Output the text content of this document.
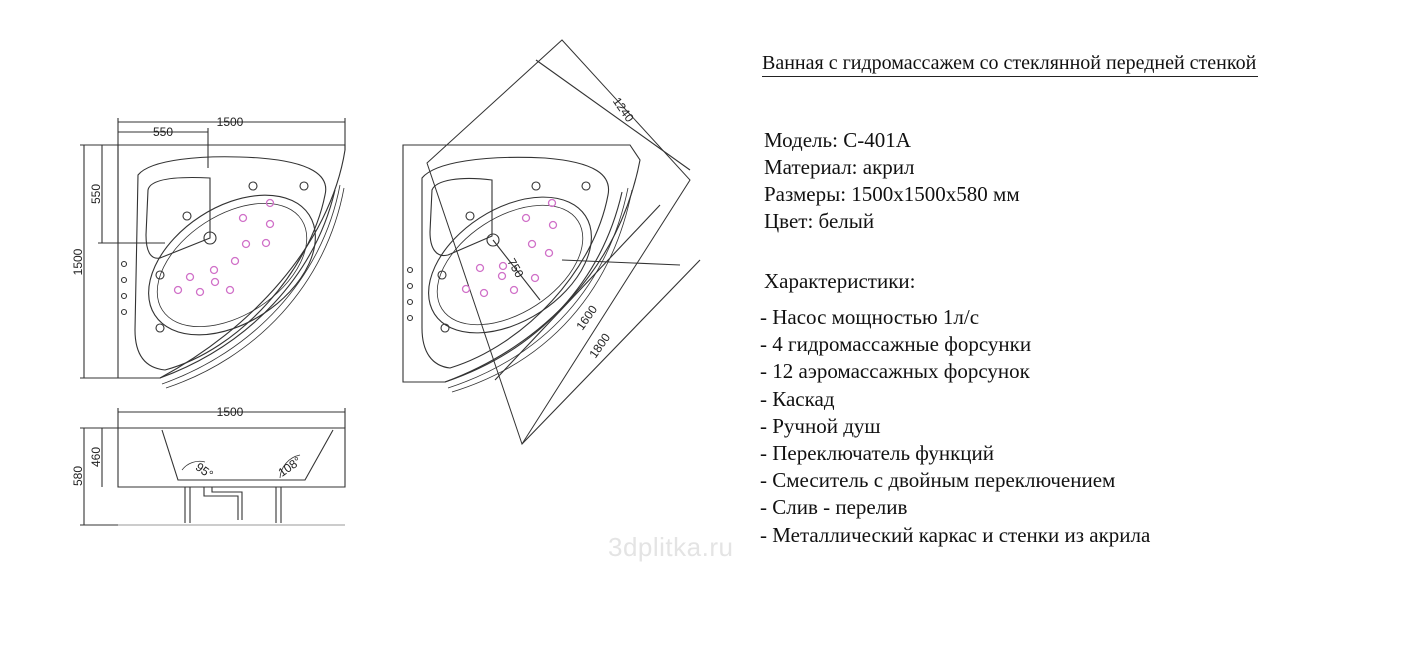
1500
550
1500
550
1500
580
460
95°	108°
1240
1600
1800
750
Ванная с гидромассажем со стеклянной передней стенкой
Модель: С-401А
Материал: акрил
Размеры: 1500х1500х580 мм
Цвет: белый
Характеристики:
- Насос мощностью 1л/с
- 4 гидромассажные форсунки
- 12 аэромассажных форсунок
- Каскад
- Ручной душ
- Переключатель функций
- Смеситель с двойным переключением
- Слив - перелив
- Металлический каркас и стенки из акрила
3dplitka.ru
